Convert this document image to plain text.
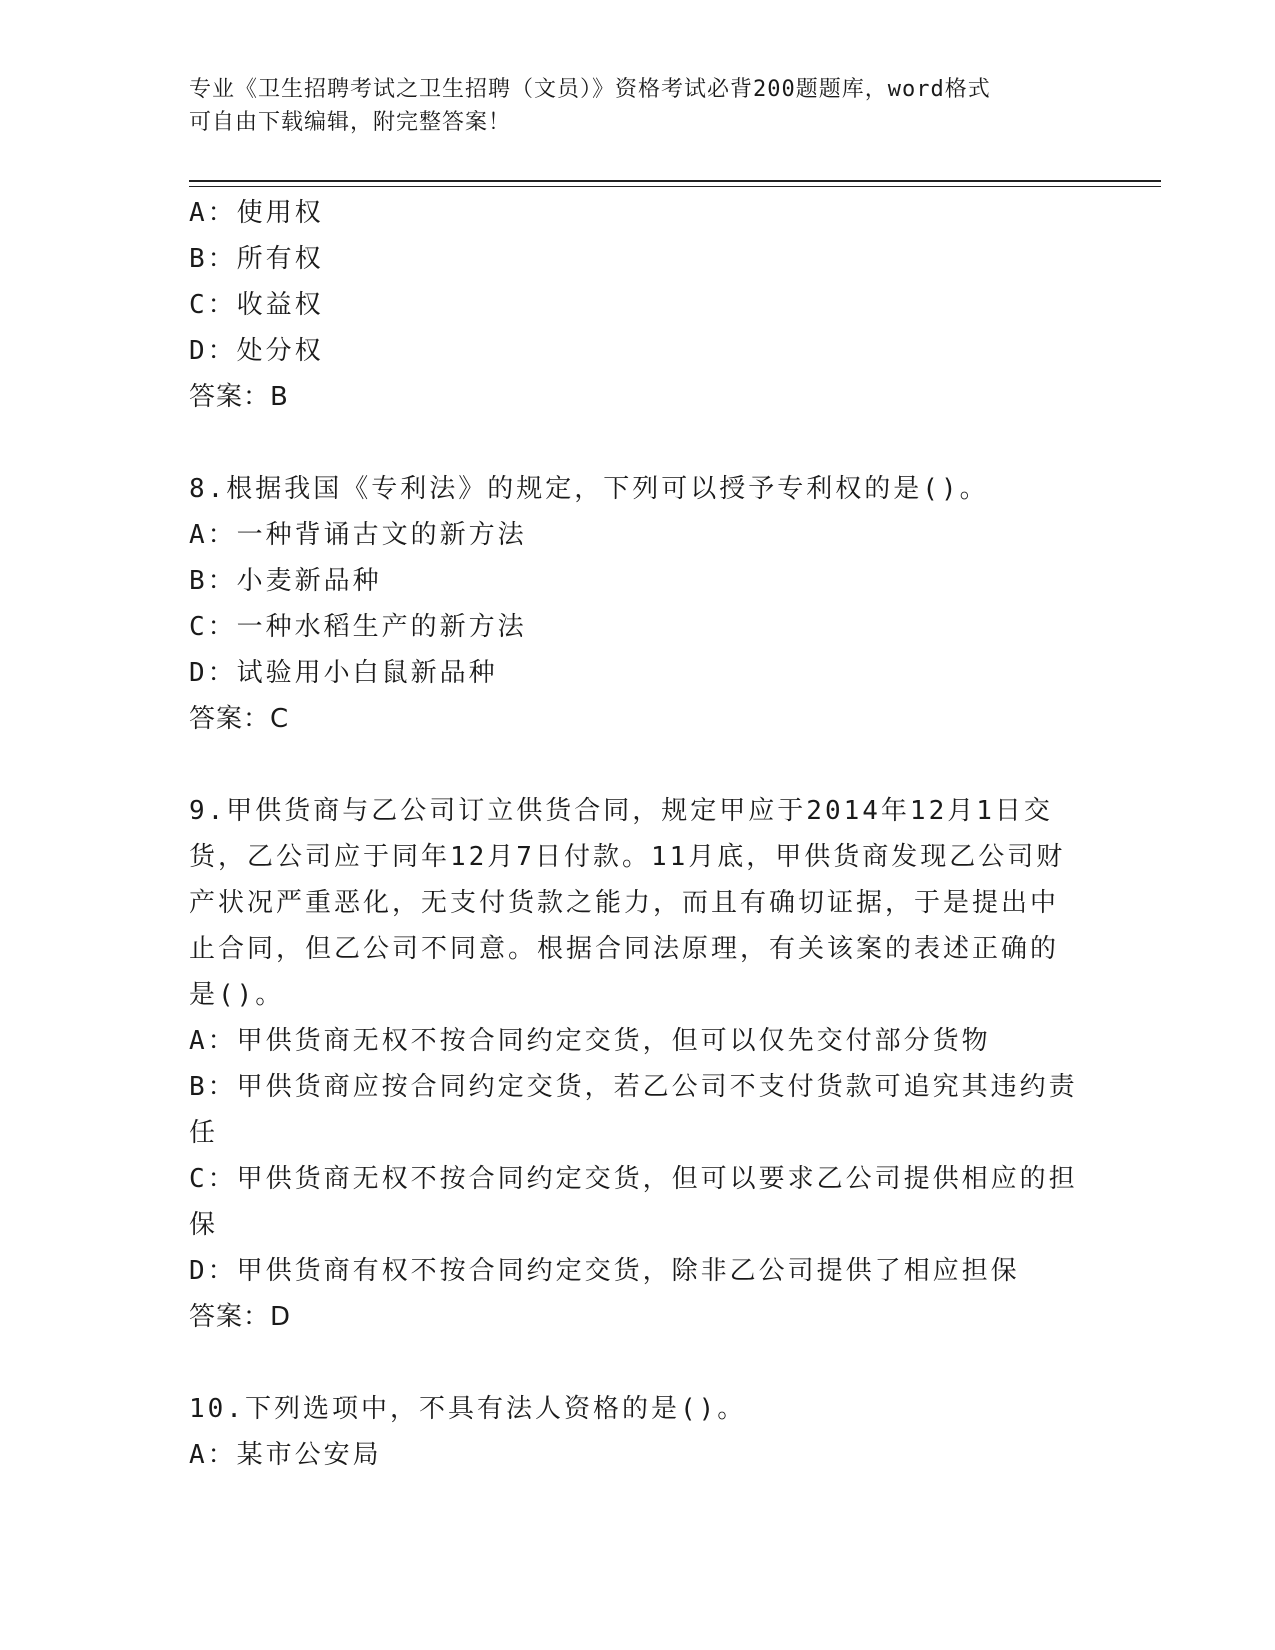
专业《卫生招聘考试之卫生招聘（文员）》资格考试必背200题题库，word格式
可自由下载编辑，附完整答案！
A：使用权
B：所有权
C：收益权
D：处分权
答案：B
8.根据我国《专利法》的规定，下列可以授予专利权的是()。
A：一种背诵古文的新方法
B：小麦新品种
C：一种水稻生产的新方法
D：试验用小白鼠新品种
答案：C
9.甲供货商与乙公司订立供货合同，规定甲应于2014年12月1日交
货，乙公司应于同年12月7日付款。11月底，甲供货商发现乙公司财
产状况严重恶化，无支付货款之能力，而且有确切证据，于是提出中
止合同，但乙公司不同意。根据合同法原理，有关该案的表述正确的
是()。
A：甲供货商无权不按合同约定交货，但可以仅先交付部分货物
B：甲供货商应按合同约定交货，若乙公司不支付货款可追究其违约责
任
C：甲供货商无权不按合同约定交货，但可以要求乙公司提供相应的担
保
D：甲供货商有权不按合同约定交货，除非乙公司提供了相应担保
答案：D
10.下列选项中，不具有法人资格的是()。
A：某市公安局
